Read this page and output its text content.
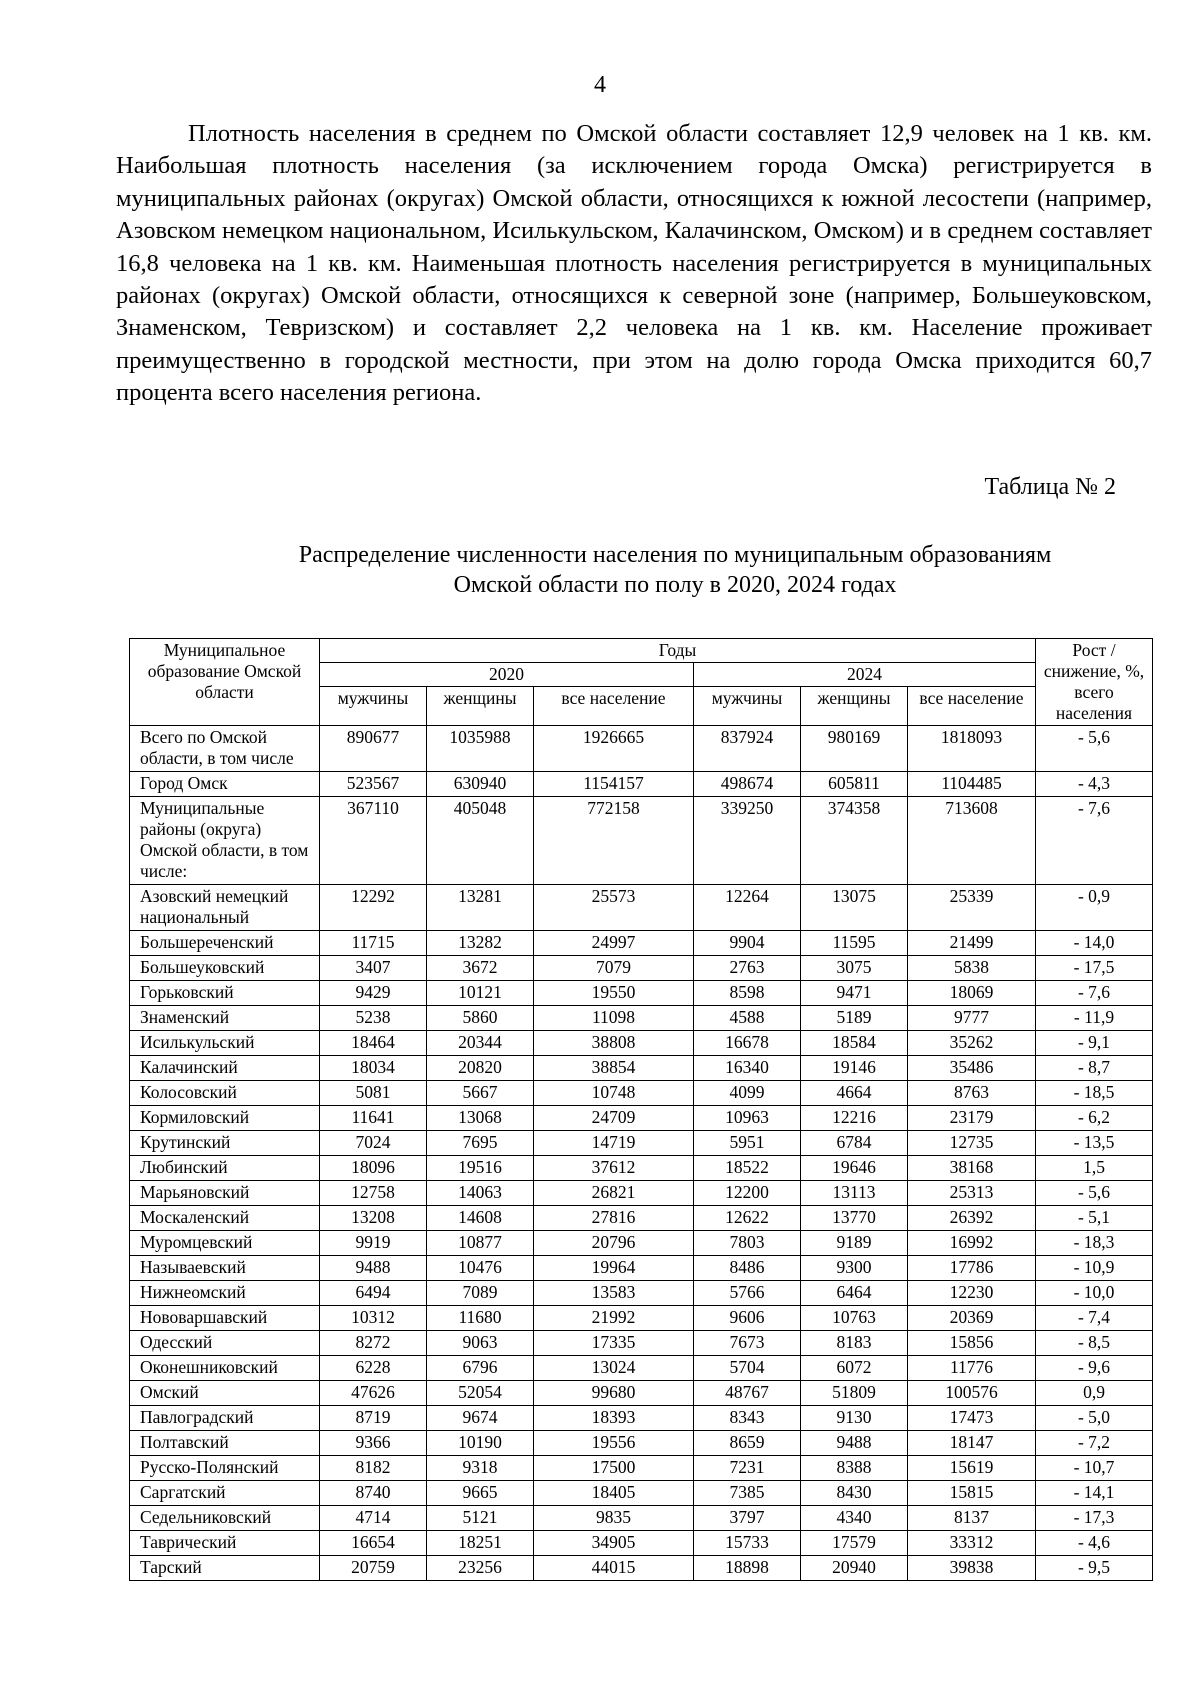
4

Плотность населения в среднем по Омской области составляет 12,9 человек на 1 кв. км. Наибольшая плотность населения (за исключением города Омска) регистрируется в муниципальных районах (округах) Омской области, относящихся к южной лесостепи (например, Азовском немецком национальном, Исилькульском, Калачинском, Омском) и в среднем составляет 16,8 человека на 1 кв. км. Наименьшая плотность населения регистрируется в муниципальных районах (округах) Омской области, относящихся к северной зоне (например, Большеуковском, Знаменском, Тевризском) и составляет 2,2 человека на 1 кв. км. Население проживает преимущественно в городской местности, при этом на долю города Омска приходится 60,7 процента всего населения региона.

Таблица № 2
Распределение численности населения по муниципальным образованиям
Омской области по полу в 2020, 2024 годах
Муниципальное образование Омской области	Годы						Рост / снижение, %, всего населения
	2020			2024			
	мужчины	женщины	все население	мужчины	женщины	все население	
Всего по Омской области, в том числе	890677	1035988	1926665	837924	980169	1818093	- 5,6
Город Омск	523567	630940	1154157	498674	605811	1104485	- 4,3
Муниципальные районы (округа) Омской области, в том числе:	367110	405048	772158	339250	374358	713608	- 7,6
Азовский немецкий национальный	12292	13281	25573	12264	13075	25339	- 0,9
Большереченский	11715	13282	24997	9904	11595	21499	- 14,0
Большеуковский	3407	3672	7079	2763	3075	5838	- 17,5
Горьковский	9429	10121	19550	8598	9471	18069	- 7,6
Знаменский	5238	5860	11098	4588	5189	9777	- 11,9
Исилькульский	18464	20344	38808	16678	18584	35262	- 9,1
Калачинский	18034	20820	38854	16340	19146	35486	- 8,7
Колосовский	5081	5667	10748	4099	4664	8763	- 18,5
Кормиловский	11641	13068	24709	10963	12216	23179	- 6,2
Крутинский	7024	7695	14719	5951	6784	12735	- 13,5
Любинский	18096	19516	37612	18522	19646	38168	1,5
Марьяновский	12758	14063	26821	12200	13113	25313	- 5,6
Москаленский	13208	14608	27816	12622	13770	26392	- 5,1
Муромцевский	9919	10877	20796	7803	9189	16992	- 18,3
Называевский	9488	10476	19964	8486	9300	17786	- 10,9
Нижнеомский	6494	7089	13583	5766	6464	12230	- 10,0
Нововаршавский	10312	11680	21992	9606	10763	20369	- 7,4
Одесский	8272	9063	17335	7673	8183	15856	- 8,5
Оконешниковский	6228	6796	13024	5704	6072	11776	- 9,6
Омский	47626	52054	99680	48767	51809	100576	0,9
Павлоградский	8719	9674	18393	8343	9130	17473	- 5,0
Полтавский	9366	10190	19556	8659	9488	18147	- 7,2
Русско-Полянский	8182	9318	17500	7231	8388	15619	- 10,7
Саргатский	8740	9665	18405	7385	8430	15815	- 14,1
Седельниковский	4714	5121	9835	3797	4340	8137	- 17,3
Таврический	16654	18251	34905	15733	17579	33312	- 4,6
Тарский	20759	23256	44015	18898	20940	39838	- 9,5
